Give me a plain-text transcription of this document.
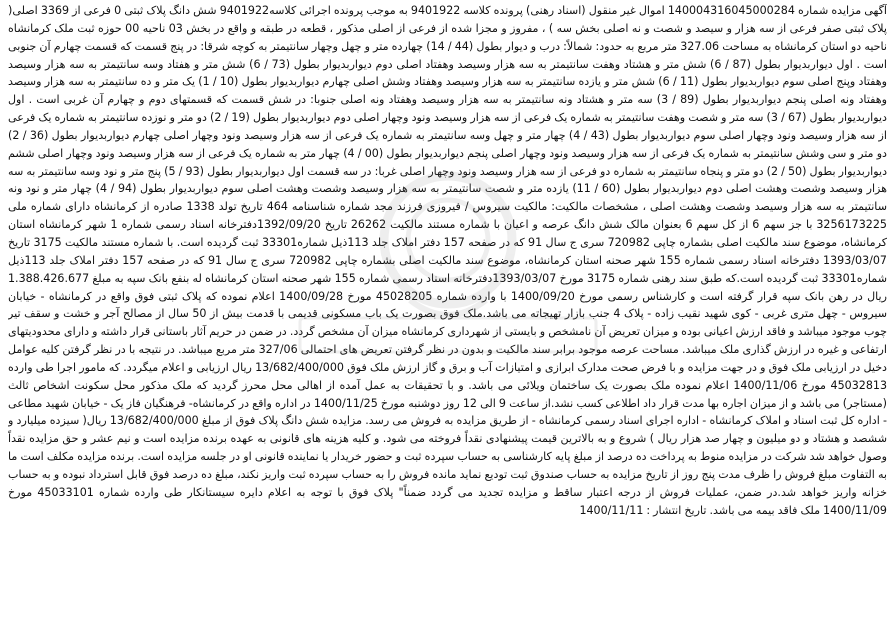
آگهی مزایده شماره 140004316045000284 اموال غیر منقول (اسناد رهنی) پرونده کلاسه 9401922 به موجب پرونده اجرائی کلاسه9401922 شش دانگ پلاک ثبتی 0 فرعی از 3369 اصلی( پلاک ثبتی صفر فرعی از سه هزار و سیصد و شصت و نه اصلی بخش سه ) ، مفروز و مجزا شده از فرعی از اصلی مذکور ، قطعه در طبقه و واقع در بخش 03 ناحیه 00 حوزه ثبت ملک کرمانشاه ناحیه دو استان کرمانشاه به مساحت 327.06 متر مربع به حدود: شمالاً: درب و دیوار بطول (44 / 14) چهارده متر و چهل وچهار سانتیمتر به کوچه شرقا: در پنج قسمت که قسمت چهارم آن جنوبی است . اول دیواربدیوار بطول (87 / 6) شش متر و هشتاد وهفت سانتیمتر به سه هزار وسیصد وهفتاد اصلی دوم دیواربدیوار بطول (73 / 6) شش متر و هفتاد وسه سانتیمتر به سه هزار وسیصد وهفتاد وپنج اصلی سوم دیواربدیوار بطول (11 / 6) شش متر و یازده سانتیمتر به سه هزار وسیصد وهفتاد وشش اصلی چهارم دیواربدیوار بطول (10 / 1) یک متر و ده سانتیمتر به سه هزار وسیصد وهفتاد ونه اصلی پنجم دیواربدیوار بطول (89 / 3) سه متر و هشتاد ونه سانتیمتر به سه هزار وسیصد وهفتاد ونه اصلی جنوبا: در شش قسمت که قسمتهای دوم و چهارم آن غربی است . اول دیواربدیوار بطول (67 / 3) سه متر و شصت وهفت سانتیمتر به شماره یک فرعی از سه هزار وسیصد ونود وچهار اصلی دوم دیواربدیوار بطول (19 / 2) دو متر و نوزده سانتیمتر به شماره یک فرعی از سه هزار وسیصد ونود وچهار اصلی سوم دیواربدیوار بطول (43 / 4) چهار متر و چهل وسه سانتیمتر به شماره یک فرعی از سه هزار وسیصد ونود وچهار اصلی چهارم دیواربدیوار بطول (36 / 2) دو متر و سی وشش سانتیمتر به شماره یک فرعی از سه هزار وسیصد ونود وچهار اصلی پنجم دیواربدیوار بطول (00 / 4) چهار متر به شماره یک فرعی از سه هزار وسیصد ونود وچهار اصلی ششم دیواربدیوار بطول (50 / 2) دو متر و پنجاه سانتیمتر به شماره دو فرعی از سه هزار وسیصد ونود وچهار اصلی غربا: در سه قسمت اول دیواربدیوار بطول (93 / 5) پنج متر و نود وسه سانتیمتر به سه هزار وسیصد وشصت وهشت اصلی دوم دیواربدیوار بطول (60 / 11) یازده متر و شصت سانتیمتر به سه هزار وسیصد وشصت وهشت اصلی سوم دیواربدیوار بطول (94 / 4) چهار متر و نود ونه سانتیمتر به سه هزار وسیصد وشصت وهشت اصلی ، مشخصات مالکیت: مالکیت سیروس / فیروزی فرزند مجد شماره شناسنامه 464 تاریخ تولد 1338 صادره از کرمانشاه دارای شماره ملی 3256173225 با جز سهم 6 از کل سهم 6 بعنوان مالک شش دانگ عرصه و اعیان با شماره مستند مالکیت 26262 تاریخ 1392/09/20دفترخانه اسناد رسمی شماره 1 شهر کرمانشاه استان کرمانشاه، موضوع سند مالکیت اصلی بشماره چاپی 720982 سری ج سال 91 که در صفحه 157 دفتر املاک جلد 113ذیل شماره33301 ثبت گردیده است. با شماره مستند مالکیت 3175 تاریخ 1393/03/07 دفترخانه اسناد رسمی شماره 155 شهر صحنه استان کرمانشاه، موضوع سند مالکیت اصلی بشماره چاپی 720982 سری ج سال 91 که در صفحه 157 دفتر املاک جلد 113ذیل شماره33301 ثبت گردیده است.که طبق سند رهنی شماره 3175 مورخ 1393/03/07دفترخانه اسناد رسمی شماره 155 شهر صحنه استان کرمانشاه له بنفع بانک سپه به مبلغ 1.388.426.677 ریال در رهن بانک سپه قرار گرفته است و کارشناس رسمی مورخ 1400/09/20 با وارده شماره 45028205 مورخ 1400/09/28 اعلام نموده که پلاک ثبتی فوق واقع در کرمانشاه - خیابان سیروس - چهل متری غربی - کوی شهید نقیب زاده - پلاک 4 جنب بازار تهیجاته می باشد.ملک فوق بصورت یک باب مسکونی قدیمی با قدمت بیش از 50 سال از مصالح آجر و خشت و سقف تیر چوب موجود میباشد و فاقد ارزش اعیانی بوده و میزان تعریض آن نامشخص و بایستی از شهرداری کرمانشاه میزان آن مشخص گردد. در ضمن در حریم آثار باستانی قرار داشته و دارای محدودیتهای ارتفاعی و غیره در ارزش گذاری ملک میباشد. مساحت عرصه موجود برابر سند مالکیت و بدون در نظر گرفتن تعریض های احتمالی 327/06 متر مربع میباشد. در نتیجه با در نظر گرفتن کلیه عوامل دخیل در ارزیابی ملک فوق و در جهت مزایده و با فرض صحت مدارک ابرازی و امتیازات آب و برق و گاز ارزش ملک فوق 13/682/400/000 ریال ارزیابی و اعلام میگردد. که مامور اجرا طی وارده 45032813 مورخ 1400/11/06 اعلام نموده ملک بصورت یک ساختمان ویلائی می باشد. و با تحقیقات به عمل آمده از اهالی محل محرز گردید که ملک مذکور محل سکونت اشخاص ثالث (مستاجر) می باشد و از میزان اجاره بها مدت قرار داد اطلاعی کسب نشد.از ساعت 9 الی 12 روز دوشنبه مورخ 1400/11/25 در اداره واقع در کرمانشاه- فرهنگیان فاز یک - خیابان شهید مطاعی - اداره کل ثبت اسناد و املاک کرمانشاه - اداره اجرای اسناد رسمی کرمانشاه - از طریق مزایده به فروش می رسد. مزایده شش دانگ پلاک فوق از مبلغ 13/682/400/000 ریال( سیزده میلیارد و ششصد و هشتاد و دو میلیون و چهار صد هزار ریال ) شروع و به بالاترین قیمت پیشنهادی نقداً فروخته می شود. و کلیه هزینه های قانونی به عهده برنده مزایده است و نیم عشر و حق مزایده نقداً وصول خواهد شد شرکت در مزایده منوط به پرداخت ده درصد از مبلغ پایه کارشناسی به حساب سپرده ثبت و حضور خریدار یا نماینده قانونی او در جلسه مزایده است. برنده مزایده مکلف است ما به التفاوت مبلغ فروش را ظرف مدت پنج روز از تاریخ مزایده به حساب صندوق ثبت تودیع نماید مانده فروش را به حساب سپرده ثبت واریز نکند، مبلغ ده درصد فوق قابل استرداد نبوده و به حساب خزانه واریز خواهد شد.در ضمن، عملیات فروش از درجه اعتبار ساقط و مزایده تجدید می گردد ضمناً" پلاک فوق با توجه به اعلام دایره سیستانکار طی وارده شماره 45033101 مورخ 1400/11/09 ملک فاقد بیمه می باشد. تاریخ انتشار : 1400/11/11
